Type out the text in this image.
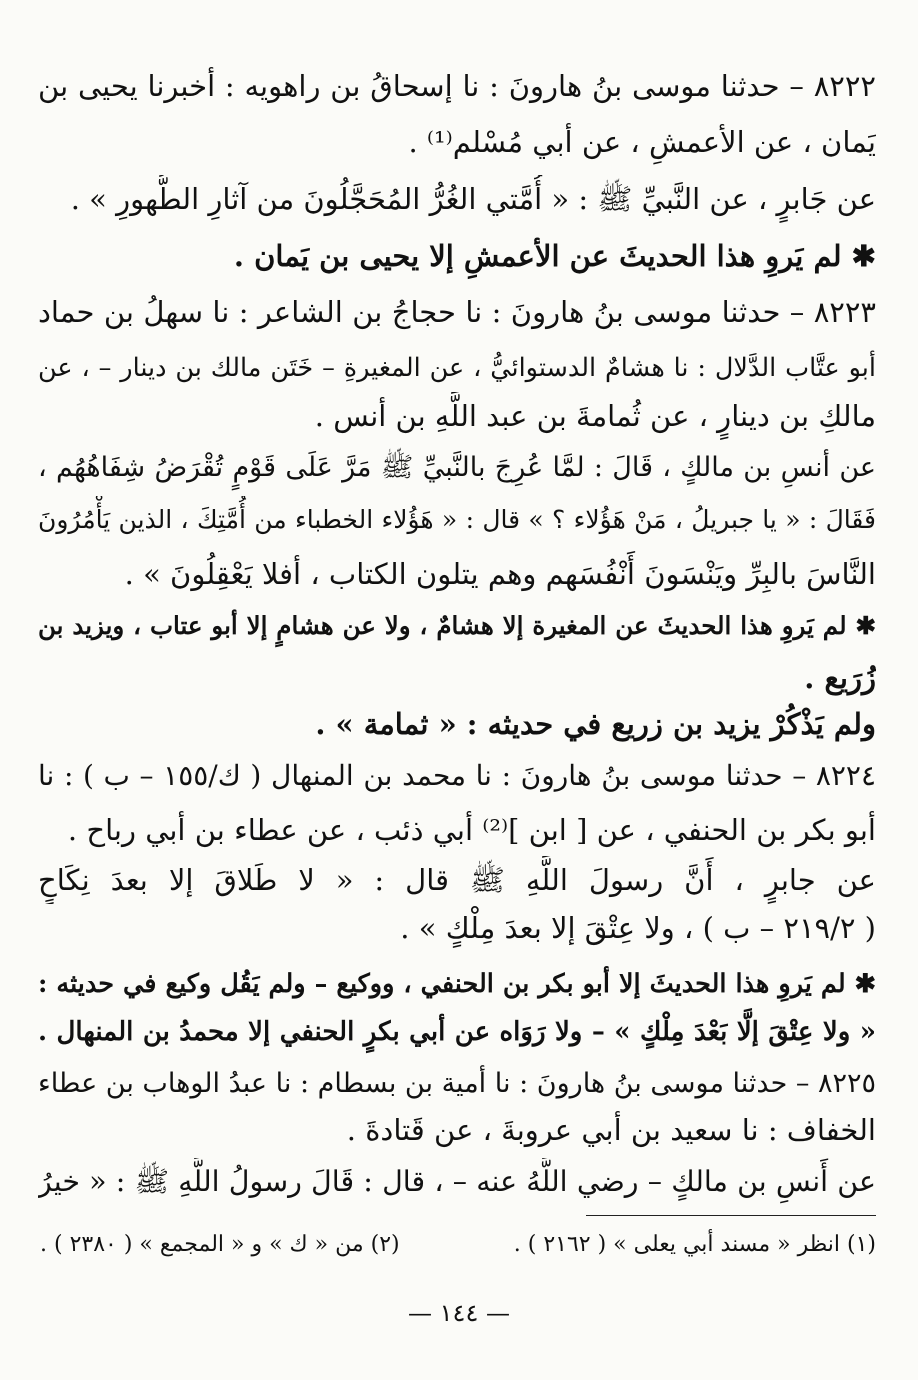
٨٢٢٢ – حدثنا موسى بنُ هارونَ : نا إسحاقُ بن راهويه : أخبرنا يحيى بن
يَمان ، عن الأعمشِ ، عن أبي مُسْلم⁽¹⁾ .
عن جَابرٍ ، عن النَّبيِّ ﷺ : « أُمَّتي الغُرُّ المُحَجَّلُونَ من آثارِ الطُّهورِ » .
✱ لم يَروِ هذا الحديثَ عن الأعمشِ إلا يحيى بن يَمان .
٨٢٢٣ – حدثنا موسى بنُ هارونَ : نا حجاجُ بن الشاعر : نا سهلُ بن حماد
أبو عتَّاب الدَّلال : نا هشامٌ الدستوائيُّ ، عن المغيرةِ – خَتَن مالك بن دينار – ، عن
مالكِ بن دينارٍ ، عن ثُمامةَ بن عبد اللَّهِ بن أنس .
عن أنسِ بن مالكٍ ، قَالَ : لمَّا عُرِجَ بالنَّبيِّ ﷺ مَرَّ عَلَى قَوْمٍ تُقْرَضُ شِفَاهُهُم ،
فَقَالَ : « يا جبريلُ ، مَنْ هَؤُلاء ؟ » قال : « هَؤُلاء الخطباء من أُمَّتِكَ ، الذين يَأْمُرُونَ
النَّاسَ بالبِرِّ ويَنْسَونَ أَنْفُسَهم وهم يتلون الكتاب ، أفلا يَعْقِلُونَ » .
✱ لم يَروِ هذا الحديثَ عن المغيرة إلا هشامٌ ، ولا عن هشامٍ إلا أبو عتاب ، ويزيد بن
زُرَيع .
ولم يَذْكُرْ يزيد بن زريع في حديثه : « ثمامة » .
٨٢٢٤ – حدثنا موسى بنُ هارونَ : نا محمد بن المنهال ( ك/١٥٥ – ب ) : نا
أبو بكر بن الحنفي ، عن [ ابن ]⁽²⁾ أبي ذئب ، عن عطاء بن أبي رباح .
عن جابرٍ ، أَنَّ رسولَ اللَّهِ ﷺ قال : « لا طَلاقَ إلا بعدَ نِكَاحٍ
( ٢١٩/٢ – ب ) ، ولا عِتْقَ إلا بعدَ مِلْكٍ » .
✱ لم يَروِ هذا الحديثَ إلا أبو بكر بن الحنفي ، ووكيع – ولم يَقُل وكيع في حديثه :
« ولا عِتْقَ إلَّا بَعْدَ مِلْكٍ » – ولا رَوَاه عن أبي بكرٍ الحنفي إلا محمدُ بن المنهال .
٨٢٢٥ – حدثنا موسى بنُ هارونَ : نا أمية بن بسطام : نا عبدُ الوهاب بن عطاء
الخفاف : نا سعيد بن أبي عروبةَ ، عن قَتادةَ .
عن أَنسِ بن مالكٍ – رضي اللَّهُ عنه – ، قال : قَالَ رسولُ اللَّهِ ﷺ : « خيرُ
(١) انظر « مسند أبي يعلى » ( ٢١٦٢ ) .
(٢) من « ك » و « المجمع » ( ٢٣٨٠ ) .
— ١٤٤ —
